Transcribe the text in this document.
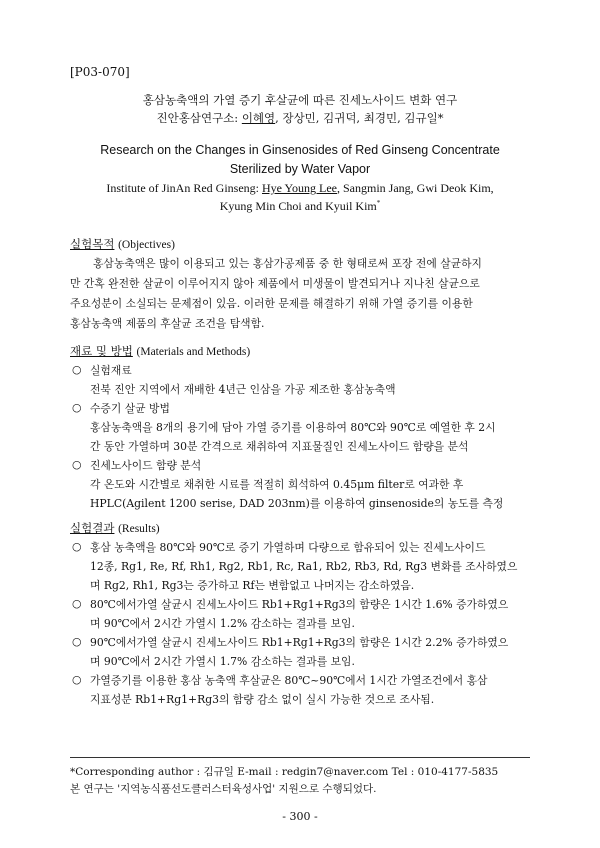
[P03-070]
홍삼농축액의 가열 증기 후살균에 따른 진세노사이드 변화 연구
진안홍삼연구소: 이혜영, 장상민, 김귀덕, 최경민, 김규일*
Research on the Changes in Ginsenosides of Red Ginseng Concentrate
Sterilized by Water Vapor
Institute of JinAn Red Ginseng: Hye Young Lee, Sangmin Jang, Gwi Deok Kim,
Kyung Min Choi and Kyuil Kim*
실험목적 (Objectives)
홍삼농축액은 많이 이용되고 있는 홍삼가공제품 중 한 형태로써 포장 전에 살균하지
만 간혹 완전한 살균이 이루어지지 않아 제품에서 미생물이 발견되거나 지나친 살균으로
주요성분이 소실되는 문제점이 있음. 이러한 문제를 해결하기 위해 가열 증기를 이용한
홍삼농축액 제품의 후살균 조건을 탐색함.
재료 및 방법 (Materials and Methods)
○ 실험재료
전북 진안 지역에서 재배한 4년근 인삼을 가공 제조한 홍삼농축액
○ 수증기 살균 방법
홍삼농축액을 8개의 용기에 담아 가열 증기를 이용하여 80℃와 90℃로 예열한 후 2시
간 동안 가열하며 30분 간격으로 채취하여 지표물질인 진세노사이드 함량을 분석
○ 진세노사이드 함량 분석
각 온도와 시간별로 채취한 시료를 적절히 희석하여 0.45μm filter로 여과한 후
HPLC(Agilent 1200 serise, DAD 203nm)를 이용하여 ginsenoside의 농도를 측정
실험결과 (Results)
○ 홍삼 농축액을 80℃와 90℃로 증기 가열하며 다량으로 함유되어 있는 진세노사이드
12종, Rg1, Re, Rf, Rh1, Rg2, Rb1, Rc, Ra1, Rb2, Rb3, Rd, Rg3 변화를 조사하였으
며 Rg2, Rh1, Rg3는 증가하고 Rf는 변함없고 나머지는 감소하였음.
○ 80℃에서가열 살균시 진세노사이드 Rb1+Rg1+Rg3의 함량은 1시간 1.6% 증가하였으
며 90℃에서 2시간 가열시 1.2% 감소하는 결과를 보임.
○ 90℃에서가열 살균시 진세노사이드 Rb1+Rg1+Rg3의 함량은 1시간 2.2% 증가하였으
며 90℃에서 2시간 가열시 1.7% 감소하는 결과를 보임.
○ 가열증기를 이용한 홍삼 농축액 후살균은 80℃~90℃에서 1시간 가열조건에서 홍삼
지표성분 Rb1+Rg1+Rg3의 함량 감소 없이 실시 가능한 것으로 조사됨.
*Corresponding author : 김규일 E-mail : redgin7@naver.com Tel : 010-4177-5835
본 연구는 '지역농식품선도클러스터육성사업' 지원으로 수행되었다.
- 300 -
